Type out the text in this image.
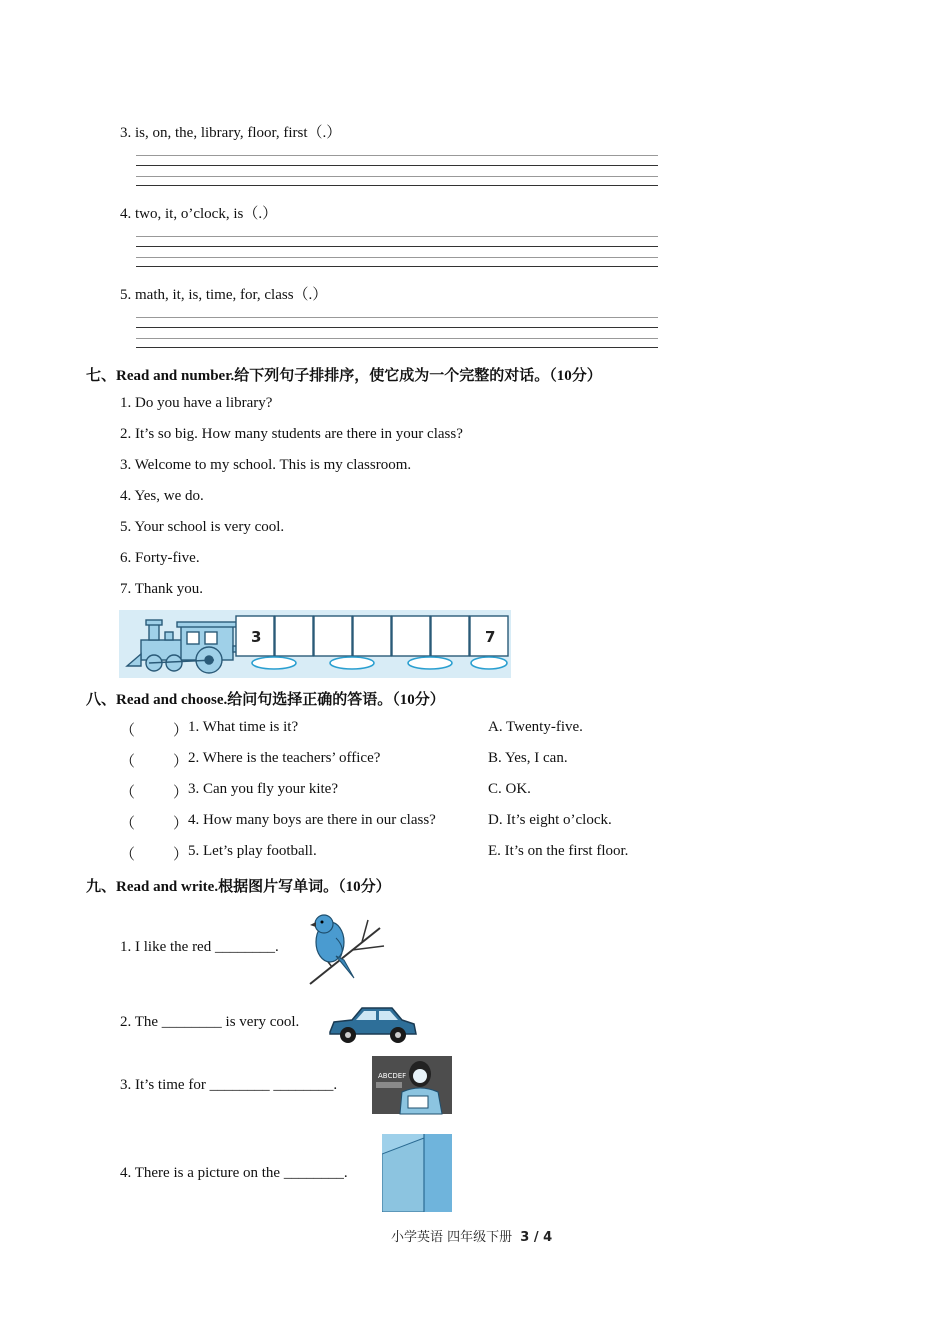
3. is, on, the, library, floor, first（.）
4. two, it, o’clock, is（.）
5. math, it, is, time, for, class（.）
七、Read and number.给下列句子排排序，使它成为一个完整的对话。（10分）
1. Do you have a library?
2. It’s so big. How many students are there in your class?
3. Welcome to my school. This is my classroom.
4. Yes, we do.
5. Your school is very cool.
6. Forty-five.
7. Thank you.
3	7
八、Read and choose.给问句选择正确的答语。（10分）
（	） 1. What time is it?	A. Twenty-five.
（	） 2. Where is the teachers’ office?	B. Yes, I can.
（	） 3. Can you fly your kite?	C. OK.
（	） 4. How many boys are there in our class?	D. It’s eight o’clock.
（	） 5. Let’s play football.	E. It’s on the first floor.
九、Read and write.根据图片写单词。（10分）
1. I like the red ________.
2. The ________ is very cool.
3. It’s time for ________ ________.
ABCDEF
4. There is a picture on the ________.
小学英语 四年级下册 3 / 4
